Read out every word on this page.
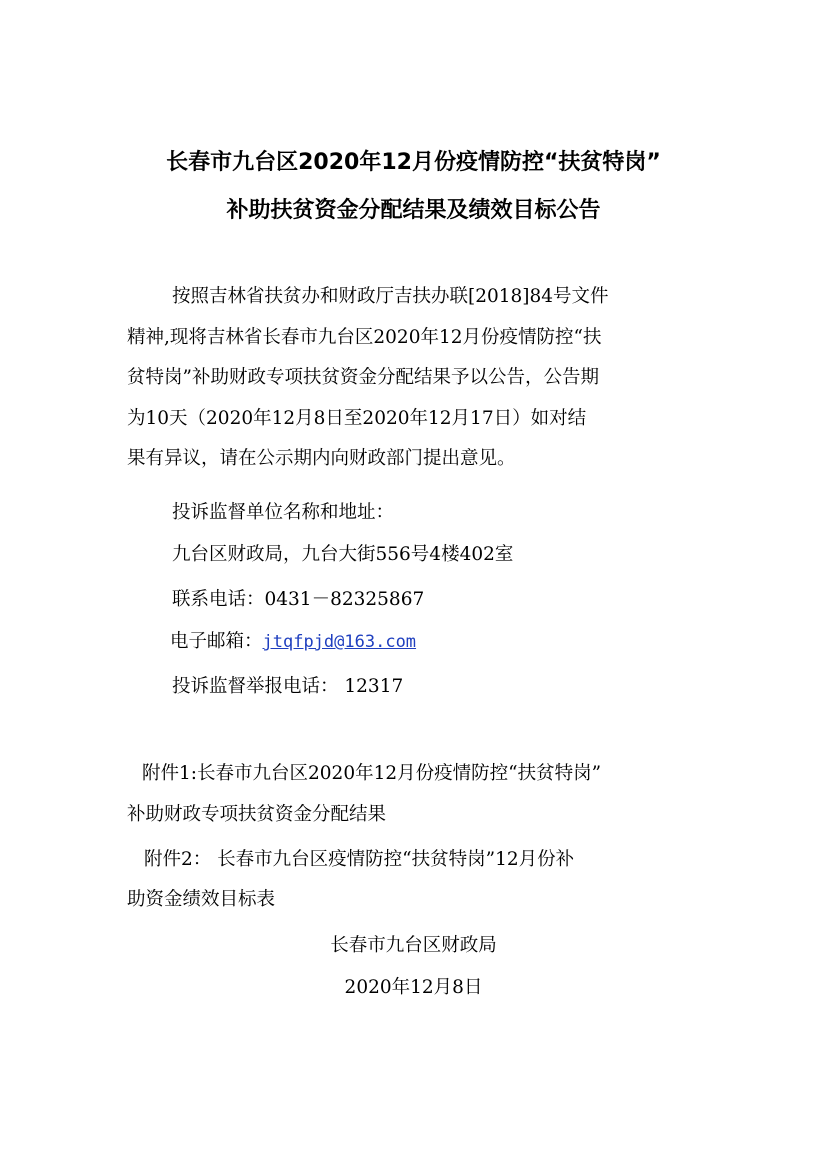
长春市九台区2020年12月份疫情防控“扶贫特岗”
补助扶贫资金分配结果及绩效目标公告
按照吉林省扶贫办和财政厅吉扶办联[2018]84号文件
精神,现将吉林省长春市九台区2020年12月份疫情防控“扶
贫特岗”补助财政专项扶贫资金分配结果予以公告，公告期
为10天（2020年12月8日至2020年12月17日）如对结
果有异议，请在公示期内向财政部门提出意见。
投诉监督单位名称和地址：
九台区财政局，九台大街556号4楼402室
联系电话：0431－82325867
电子邮箱：jtqfpjd@163.com
投诉监督举报电话： 12317
附件1:长春市九台区2020年12月份疫情防控“扶贫特岗”
补助财政专项扶贫资金分配结果
附件2： 长春市九台区疫情防控“扶贫特岗”12月份补
助资金绩效目标表
长春市九台区财政局
2020年12月8日
